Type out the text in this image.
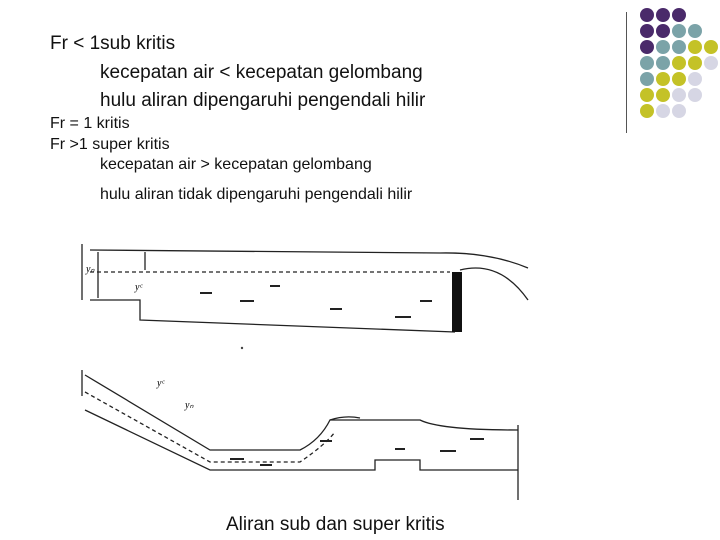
Fr < 1sub kritis
kecepatan air < kecepatan gelombang
hulu aliran dipengaruhi pengendali hilir
Fr = 1 kritis
Fr >1 super kritis
kecepatan air > kecepatan gelombang
hulu aliran tidak dipengaruhi pengendali hilir
yₙ
yᶜ
yᶜ
yₙ
Aliran sub dan super kritis
